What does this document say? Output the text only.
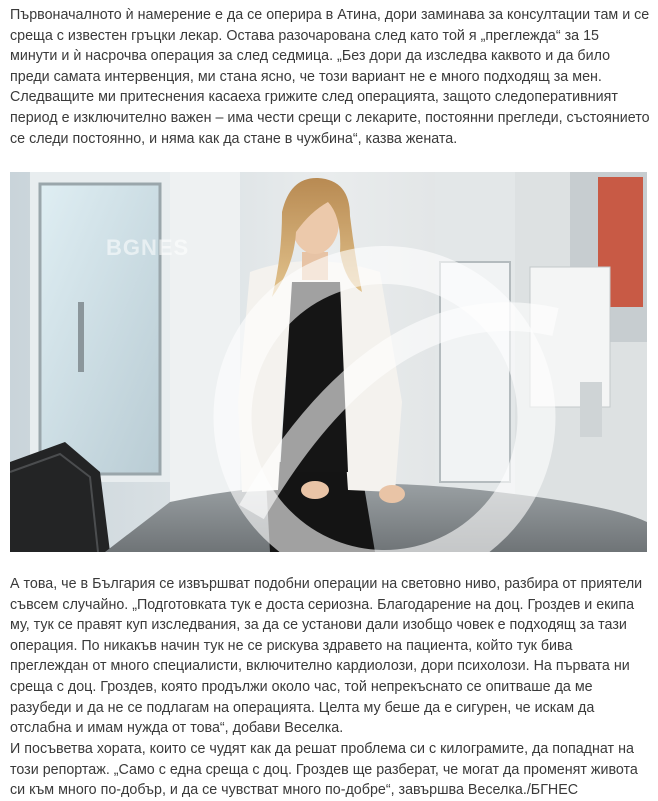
Първоначалното ѝ намерение е да се оперира в Атина, дори заминава за консултации там и се среща с известен гръцки лекар. Остава разочарована след като той я „преглежда“ за 15 минути и ѝ насрочва операция за след седмица. „Без дори да изследва каквото и да било преди самата интервенция, ми стана ясно, че този вариант не е много подходящ за мен. Следващите ми притеснения касаеха грижите след операцията, защото следоперативният период е изключително важен – има чести срещи с лекарите, постоянни прегледи, състоянието се следи постоянно, и няма как да стане в чужбина“, казва жената.

BGNES

А това, че в България се извършват подобни операции на световно ниво, разбира от приятели съвсем случайно. „Подготовката тук е доста сериозна. Благодарение на доц. Гроздев и екипа му, тук се правят куп изследвания, за да се установи дали изобщо човек е подходящ за тази операция. По никакъв начин тук не се рискува здравето на пациента, който тук бива преглеждан от много специалисти, включително кардиолози, дори психолози. На първата ни среща с доц. Гроздев, която продължи около час, той непрекъснато се опитваше да ме разубеди и да не се подлагам на операцията. Целта му беше да е сигурен, че искам да отслабна и имам нужда от това“, добави Веселка.

И посъветва хората, които се чудят как да решат проблема си с килограмите, да попаднат на този репортаж. „Само с една среща с доц. Гроздев ще разберат, че могат да променят живота си към много по-добър, и да се чувстват много по-добре“, завършва Веселка./БГНЕС
